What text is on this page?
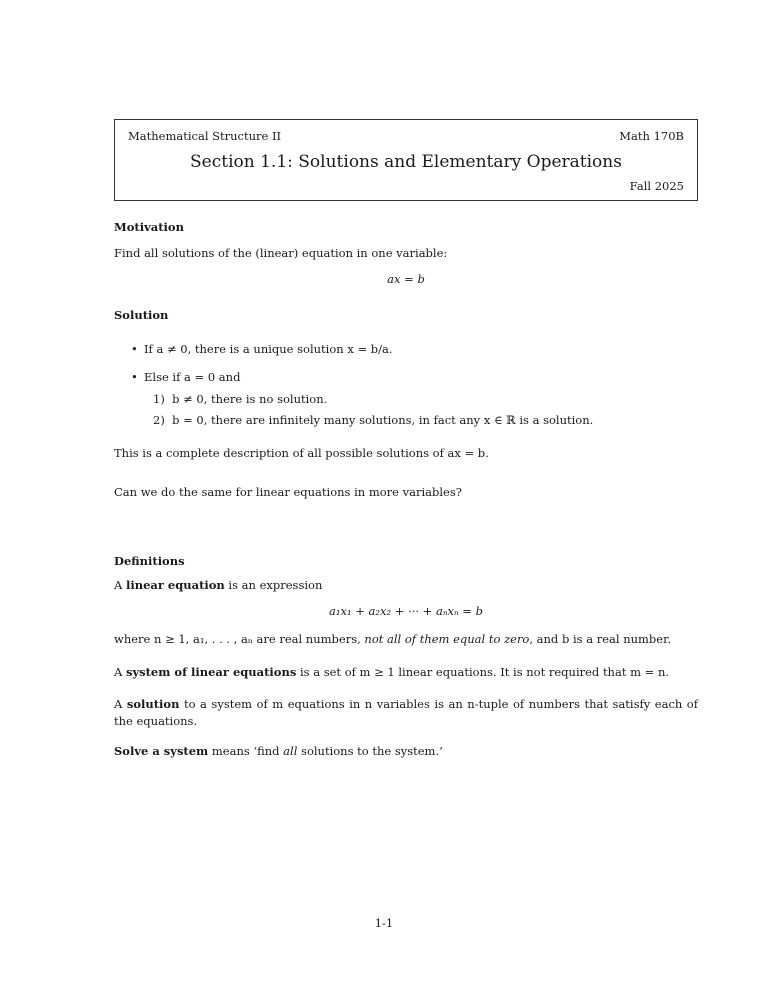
Mathematical Structure II	Math 170B
Section 1.1: Solutions and Elementary Operations
Fall 2025
Motivation
Find all solutions of the (linear) equation in one variable:
ax = b
Solution
• If a ≠ 0, there is a unique solution x = b/a.
• Else if a = 0 and
1) b ≠ 0, there is no solution.
2) b = 0, there are infinitely many solutions, in fact any x ∈ ℝ is a solution.
This is a complete description of all possible solutions of ax = b.
Can we do the same for linear equations in more variables?
Definitions
A linear equation is an expression
a₁x₁ + a₂x₂ + ··· + aₙxₙ = b
where n ≥ 1, a₁, . . . , aₙ are real numbers, not all of them equal to zero, and b is a real number.
A system of linear equations is a set of m ≥ 1 linear equations. It is not required that m = n.
A solution to a system of m equations in n variables is an n-tuple of numbers that satisfy each of the equations.
Solve a system means ‘find all solutions to the system.’
1-1
